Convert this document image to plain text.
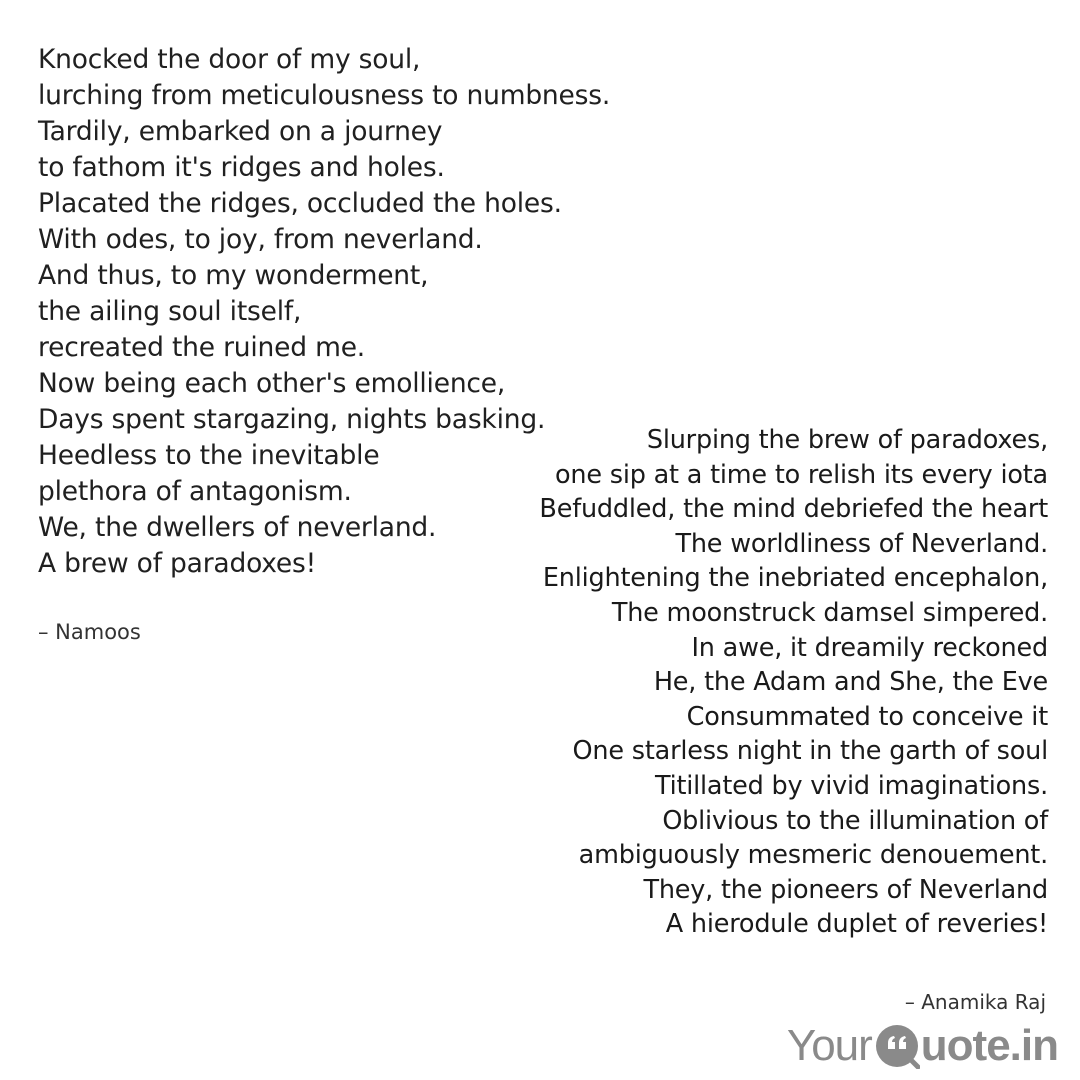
Knocked the door of my soul,
lurching from meticulousness to numbness.
Tardily, embarked on a journey
to fathom it's ridges and holes.
Placated the ridges, occluded the holes.
With odes, to joy, from neverland.
And thus, to my wonderment,
the ailing soul itself,
recreated the ruined me.
Now being each other's emollience,
Days spent stargazing, nights basking.
Heedless to the inevitable
plethora of antagonism.
We, the dwellers of neverland.
A brew of paradoxes!
– Namoos
Slurping the brew of paradoxes,
one sip at a time to relish its every iota
Befuddled, the mind debriefed the heart
The worldliness of Neverland.
Enlightening the inebriated encephalon,
The moonstruck damsel simpered.
In awe, it dreamily reckoned
He, the Adam and She, the Eve
Consummated to conceive it
One starless night in the garth of soul
Titillated by vivid imaginations.
Oblivious to the illumination of
ambiguously mesmeric denouement.
They, the pioneers of Neverland
A hierodule duplet of reveries!
– Anamika Raj
Your uote.in
